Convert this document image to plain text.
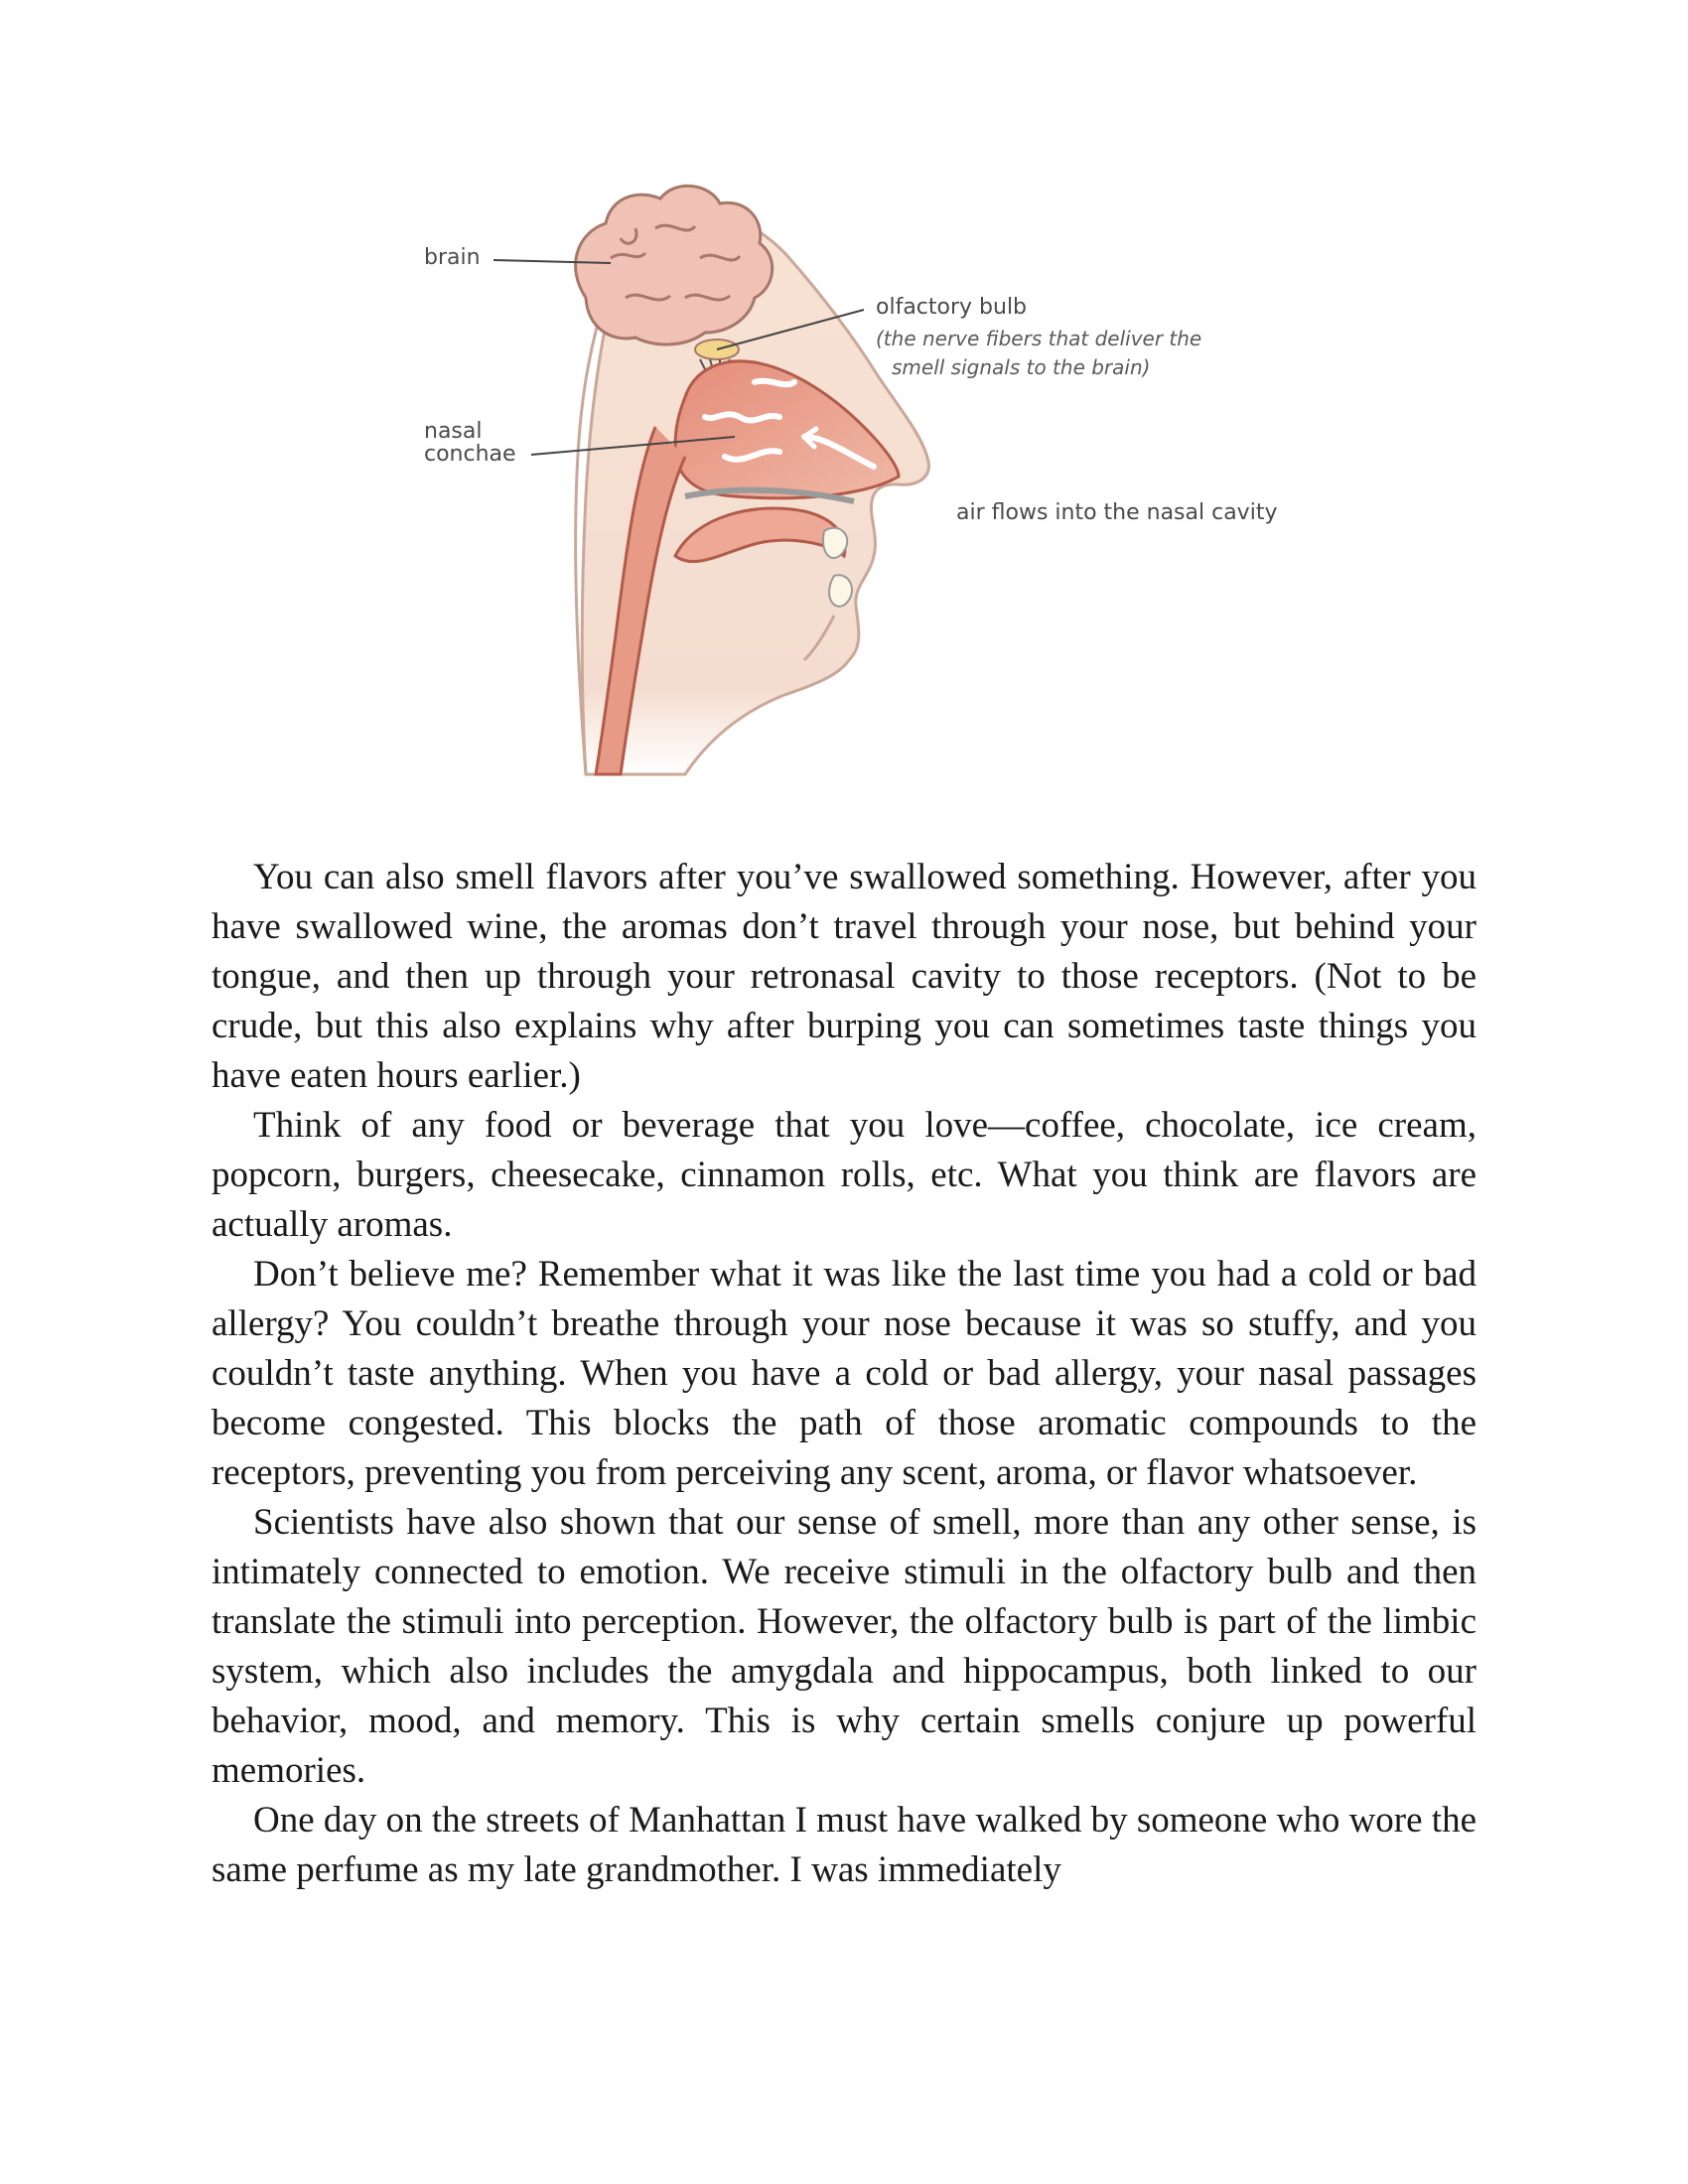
brain
olfactory bulb
(the nerve fibers that deliver the
smell signals to the brain)
nasal
conchae
air flows into the nasal cavity

You can also smell flavors after you’ve swallowed something. However, after you have swallowed wine, the aromas don’t travel through your nose, but behind your tongue, and then up through your retronasal cavity to those receptors. (Not to be crude, but this also explains why after burping you can sometimes taste things you have eaten hours earlier.)

Think of any food or beverage that you love—coffee, chocolate, ice cream, popcorn, burgers, cheesecake, cinnamon rolls, etc. What you think are flavors are actually aromas.

Don’t believe me? Remember what it was like the last time you had a cold or bad allergy? You couldn’t breathe through your nose because it was so stuffy, and you couldn’t taste anything. When you have a cold or bad allergy, your nasal passages become congested. This blocks the path of those aromatic compounds to the receptors, preventing you from perceiving any scent, aroma, or flavor whatsoever.

Scientists have also shown that our sense of smell, more than any other sense, is intimately connected to emotion. We receive stimuli in the olfactory bulb and then translate the stimuli into perception. However, the olfactory bulb is part of the limbic system, which also includes the amygdala and hippocampus, both linked to our behavior, mood, and memory. This is why certain smells conjure up powerful memories.

One day on the streets of Manhattan I must have walked by someone who wore the same perfume as my late grandmother. I was immediately
